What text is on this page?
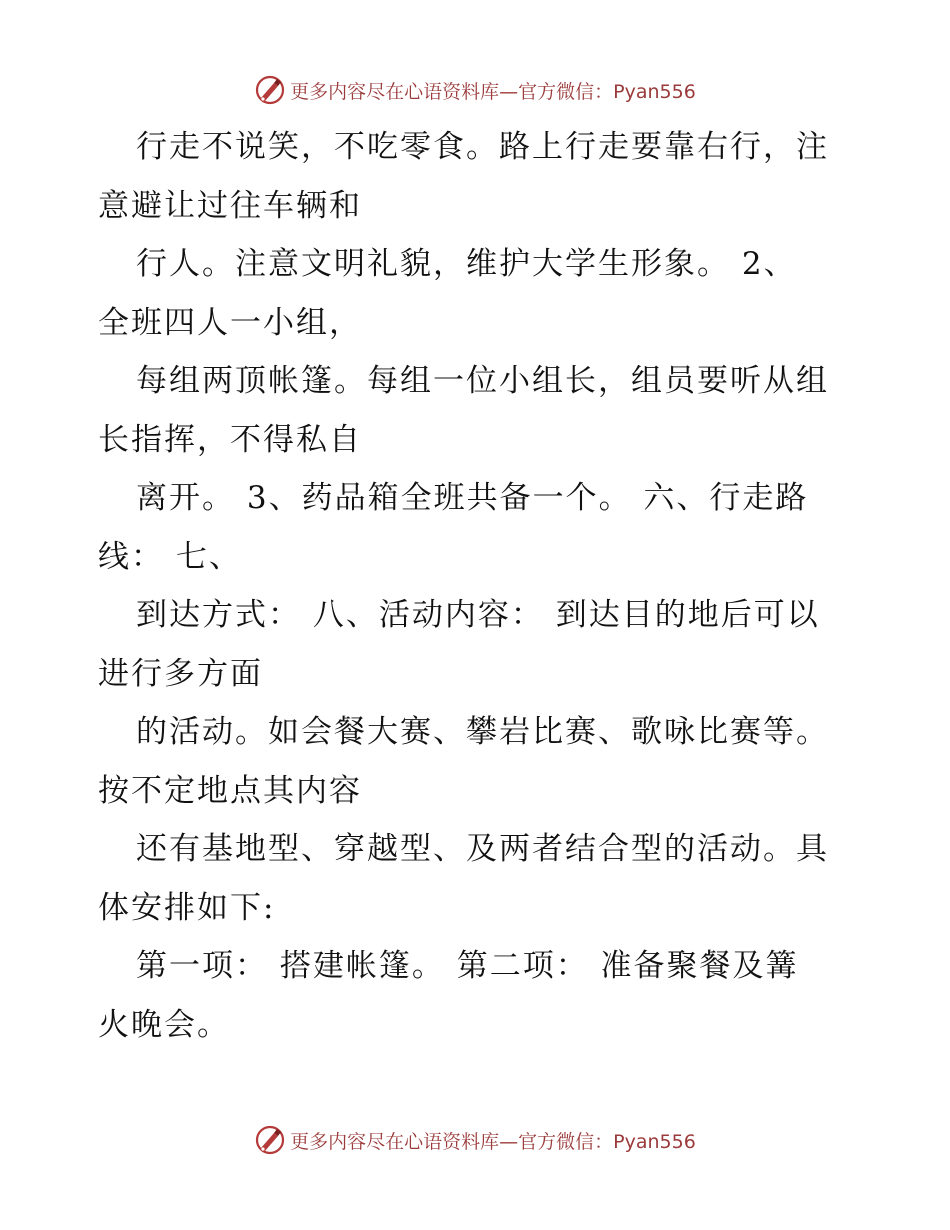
更多内容尽在心语资料库—官方微信：Pyan556
行走不说笑，不吃零食。路上行走要靠右行，注
意避让过往车辆和
行人。注意文明礼貌，维护大学生形象。 2、
全班四人一小组，
每组两顶帐篷。每组一位小组长，组员要听从组
长指挥，不得私自
离开。 3、药品箱全班共备一个。 六、行走路
线： 七、
到达方式： 八、活动内容： 到达目的地后可以
进行多方面
的活动。如会餐大赛、攀岩比赛、歌咏比赛等。
按不定地点其内容
还有基地型、穿越型、及两者结合型的活动。具
体安排如下:
第一项： 搭建帐篷。 第二项： 准备聚餐及篝
火晚会。
更多内容尽在心语资料库—官方微信：Pyan556
